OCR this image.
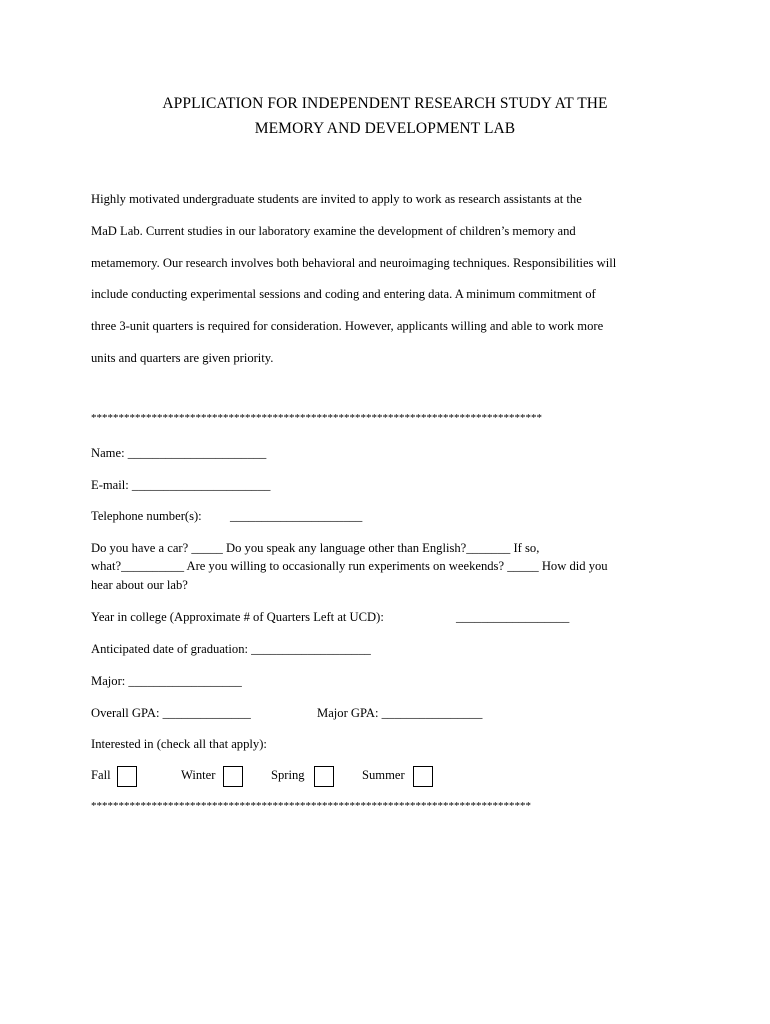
APPLICATION FOR INDEPENDENT RESEARCH STUDY AT THE
MEMORY AND DEVELOPMENT LAB
Highly motivated undergraduate students are invited to apply to work as research assistants at the
MaD Lab. Current studies in our laboratory examine the development of children’s memory and
metamemory. Our research involves both behavioral and neuroimaging techniques. Responsibilities will
include conducting experimental sessions and coding and entering data. A minimum commitment of
three 3-unit quarters is required for consideration. However, applicants willing and able to work more
units and quarters are given priority.
**********************************************************************************
Name: ______________________
E-mail: ______________________
Telephone number(s): _____________________
Do you have a car? _____ Do you speak any language other than English?_______ If so,
what?__________ Are you willing to occasionally run experiments on weekends? _____ How did you
hear about our lab?
Year in college (Approximate # of Quarters Left at UCD):	__________________
Anticipated date of graduation: ___________________
Major: __________________
Overall GPA: ______________	Major GPA: ________________
Interested in (check all that apply):
Fall	Winter	Spring	Summer
********************************************************************************
